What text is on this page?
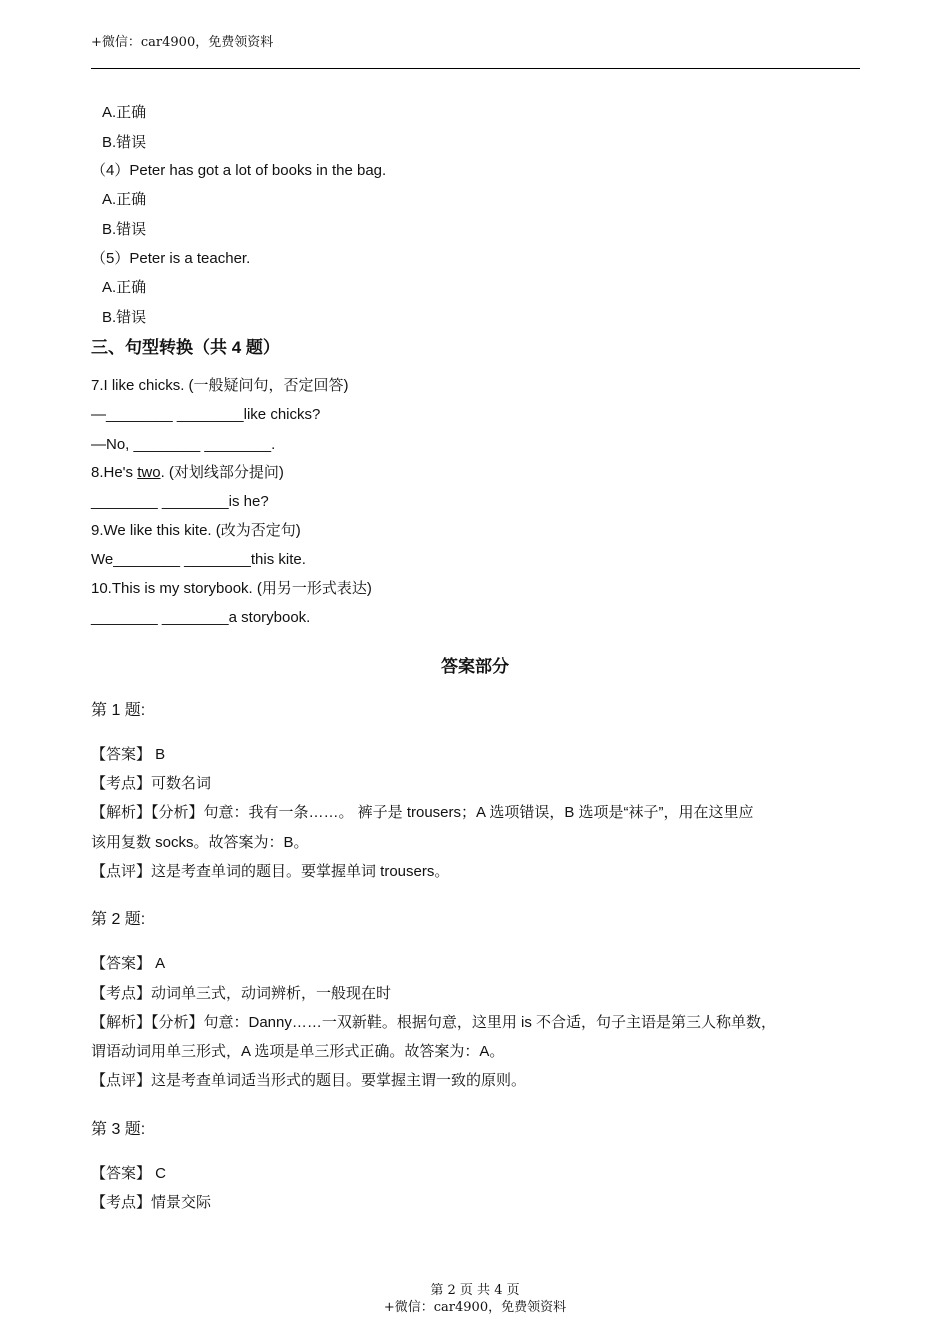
+微信：car4900，免费领资料
A.正确
B.错误
（4）Peter has got a lot of books in the bag.
A.正确
B.错误
（5）Peter is a teacher.
A.正确
B.错误
三、句型转换（共 4 题）
7.I like chicks. (一般疑问句，否定回答)
—________ ________like chicks?
—No, ________ ________.
8.He's two. (对划线部分提问)
________ ________is he?
9.We like this kite. (改为否定句)
We________ ________this kite.
10.This is my storybook. (用另一形式表达)
________ ________a storybook.
答案部分
第 1 题:
【答案】 B
【考点】可数名词
【解析】【分析】句意：我有一条……。 裤子是 trousers；A 选项错误，B 选项是“袜子”，用在这里应
该用复数 socks。故答案为：B。
【点评】这是考查单词的题目。要掌握单词 trousers。
第 2 题:
【答案】 A
【考点】动词单三式，动词辨析，一般现在时
【解析】【分析】句意：Danny……一双新鞋。根据句意，这里用 is 不合适，句子主语是第三人称单数，
谓语动词用单三形式，A 选项是单三形式正确。故答案为：A。
【点评】这是考查单词适当形式的题目。要掌握主谓一致的原则。
第 3 题:
【答案】 C
【考点】情景交际
第 2 页 共 4 页
+微信：car4900，免费领资料
